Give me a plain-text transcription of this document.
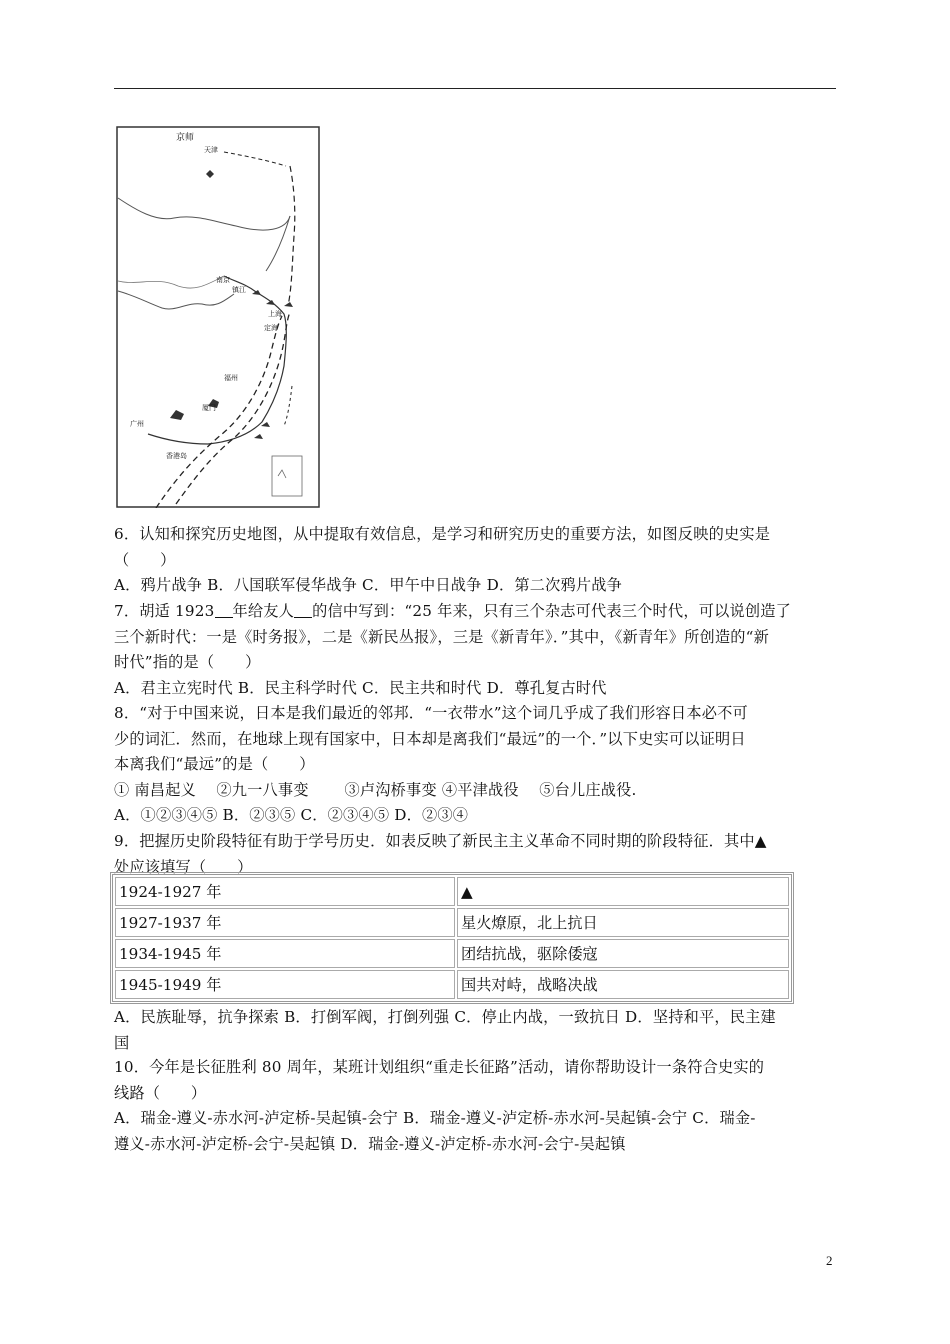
京师
天津
南京
镇江
上海
定海
福州
厦门
广州
香港岛
6．认知和探究历史地图，从中提取有效信息，是学习和研究历史的重要方法，如图反映的史实是
（　　）
A．鸦片战争 B．八国联军侵华战争 C．甲午中日战争 D．第二次鸦片战争
7．胡适 1923 年给友人 的信中写到：“25 年来，只有三个杂志可代表三个时代，可以说创造了
三个新时代：一是《时务报》，二是《新民丛报》，三是《新青年》．”其中，《新青年》所创造的“新
时代”指的是（　　）
A．君主立宪时代 B．民主科学时代 C．民主共和时代 D．尊孔复古时代
8．“对于中国来说，日本是我们最近的邻邦．“一衣带水”这个词几乎成了我们形容日本必不可
少的词汇．然而，在地球上现有国家中，日本却是离我们“最远”的一个．”以下史实可以证明日
本离我们“最远”的是（　　）
① 南昌起义　 ②九一八事变　　 ③卢沟桥事变 ④平津战役　 ⑤台儿庄战役.
A．①②③④⑤ B．②③⑤ C．②③④⑤ D．②③④
9．把握历史阶段特征有助于学号历史．如表反映了新民主主义革命不同时期的阶段特征．其中▲
处应该填写（　　）
1924-1927 年	▲
1927-1937 年	星火燎原，北上抗日
1934-1945 年	团结抗战，驱除倭寇
1945-1949 年	国共对峙，战略决战
A．民族耻辱，抗争探索 B．打倒军阀，打倒列强 C．停止内战，一致抗日 D．坚持和平，民主建
国
10．今年是长征胜利 80 周年，某班计划组织“重走长征路”活动，请你帮助设计一条符合史实的
线路（　　）
A．瑞金-遵义-赤水河-泸定桥-吴起镇-会宁 B．瑞金-遵义-泸定桥-赤水河-吴起镇-会宁 C．瑞金-
遵义-赤水河-泸定桥-会宁-吴起镇 D．瑞金-遵义-泸定桥-赤水河-会宁-吴起镇
2
